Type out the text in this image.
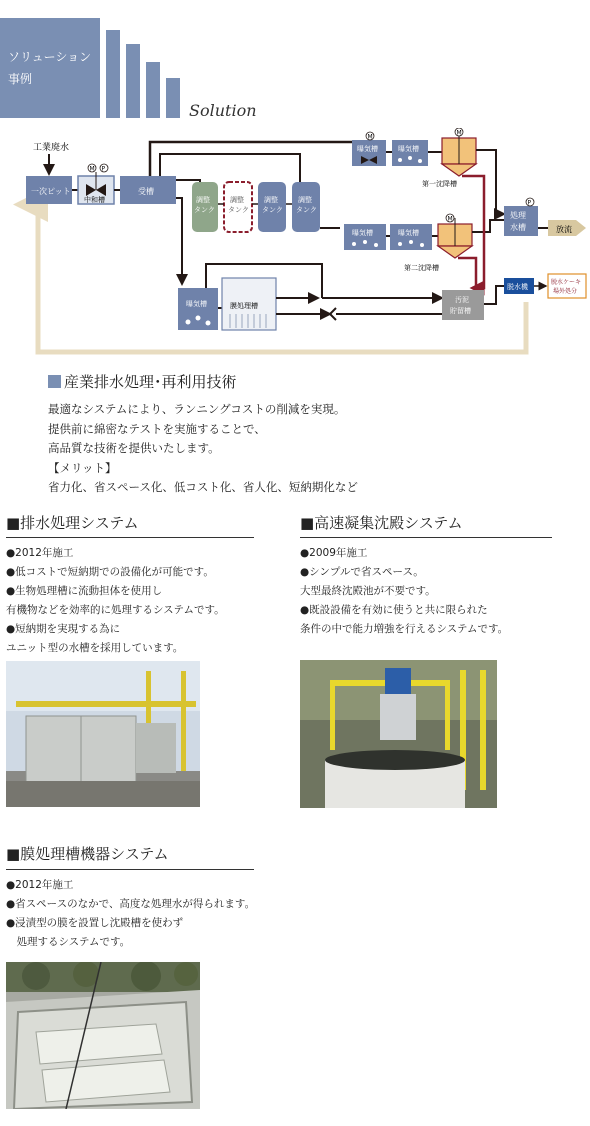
ソリューション
事例
Solution
工業廃水
一次ピット
M P
中和槽
受槽
調整
タンク
調整
タンク
調整
タンク
調整
タンク
曝気槽
M
曝気槽
M
第一沈降槽
曝気槽	曝気槽
M
第二沈降槽
処理
水槽
P
放流
脱水機
脱水ケーキ
場外処分
曝気槽	膜処理槽
汚泥
貯留槽
産業排水処理･再利用技術
最適なシステムにより、ランニングコストの削減を実現。
提供前に綿密なテストを実施することで、
高品質な技術を提供いたします。
【メリット】
省力化、省スペース化、低コスト化、省人化、短納期化など
■排水処理システム
●2012年施工
●低コストで短納期での設備化が可能です。
●生物処理槽に流動担体を使用し
有機物などを効率的に処理するシステムです。
●短納期を実現する為に
ユニット型の水槽を採用しています。
■高速凝集沈殿システム
●2009年施工
●シンプルで省スペース。
大型最終沈殿池が不要です。
●既設設備を有効に使うと共に限られた
条件の中で能力増強を行えるシステムです。
■膜処理槽機器システム
●2012年施工
●省スペースのなかで、高度な処理水が得られます。
●浸漬型の膜を設置し沈殿槽を使わず
　処理するシステムです。
